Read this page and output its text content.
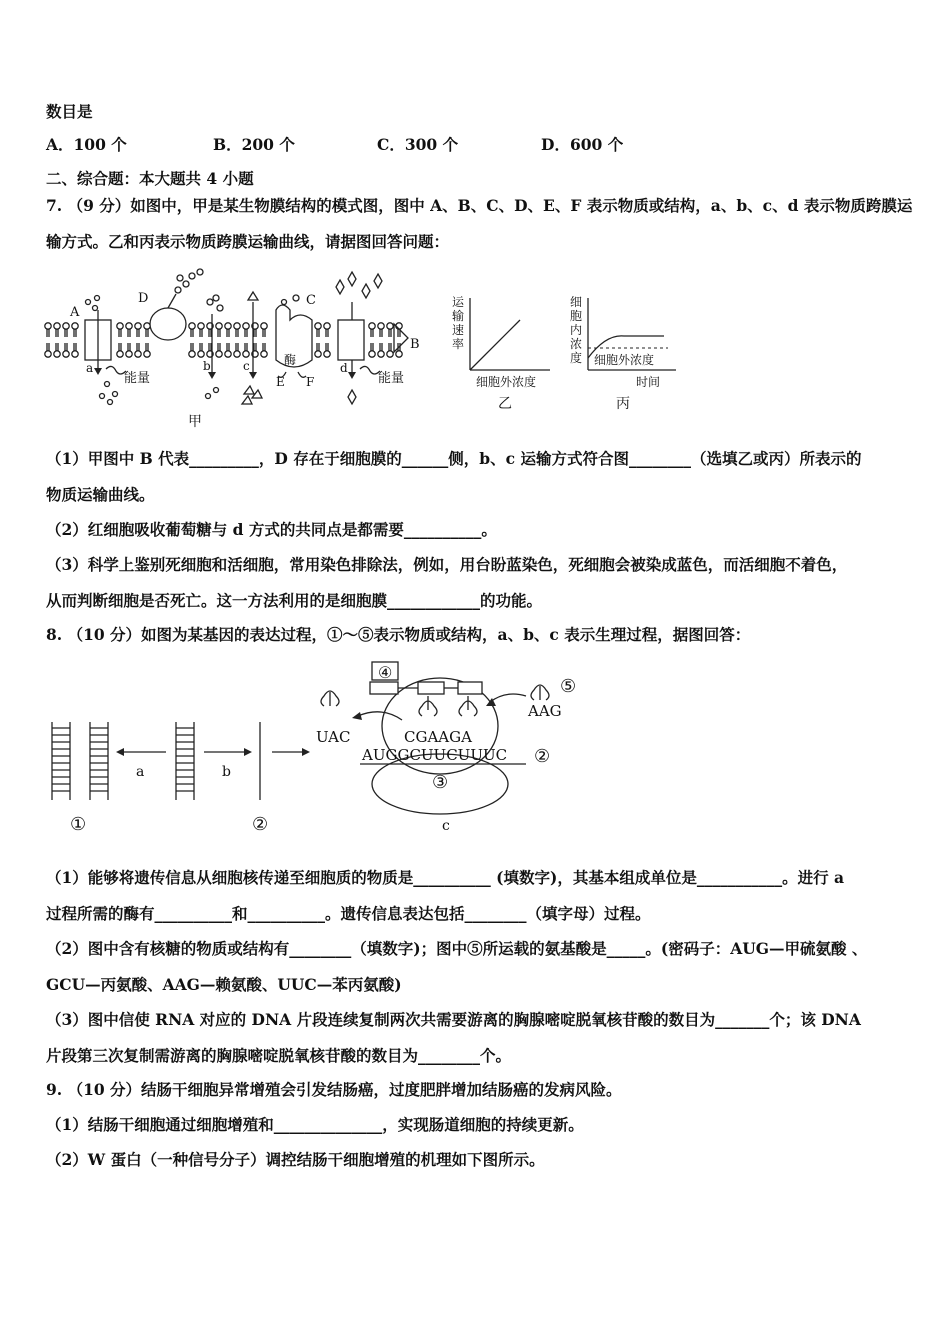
数目是
A．100 个	B．200 个	C．300 个	D．600 个
二、综合题：本大题共 4 小题
7. （9 分）如图中，甲是某生物膜结构的模式图，图中 A、B、C、D、E、F 表示物质或结构，a、b、c、d 表示物质跨膜运
输方式。乙和丙表示物质跨膜运输曲线，请据图回答问题：
A
a
能量
D
b	c	酶
E F
C
d
能量
B
甲
运
输
速
率
细胞外浓度
乙
细
胞
内
浓
度 细胞外浓度
时间
丙
（1）甲图中 B 代表_________，D 存在于细胞膜的______侧，b、c 运输方式符合图________（选填乙或丙）所表示的
物质运输曲线。
（2）红细胞吸收葡萄糖与 d 方式的共同点是都需要__________。
（3）科学上鉴别死细胞和活细胞，常用染色排除法，例如，用台盼蓝染色，死细胞会被染成蓝色，而活细胞不着色，
从而判断细胞是否死亡。这一方法利用的是细胞膜____________的功能。
8. （10 分）如图为某基因的表达过程，①～⑤表示物质或结构，a、b、c 表示生理过程，据图回答：
①
a	b
②
③
c
④
CGAAGA
AUGGCUUCUUUC ②
UAC
⑤
AAG
（1）能够将遗传信息从细胞核传递至细胞质的物质是__________ (填数字)，其基本组成单位是___________。进行 a
过程所需的酶有__________和__________。遗传信息表达包括________（填字母）过程。
（2）图中含有核糖的物质或结构有________（填数字)；图中⑤所运载的氨基酸是_____。(密码子：AUG—甲硫氨酸 、
GCU—丙氨酸、AAG—赖氨酸、UUC—苯丙氨酸)
（3）图中信使 RNA 对应的 DNA 片段连续复制两次共需要游离的胸腺嘧啶脱氧核苷酸的数目为_______个；该 DNA
片段第三次复制需游离的胸腺嘧啶脱氧核苷酸的数目为________个。
9. （10 分）结肠干细胞异常增殖会引发结肠癌，过度肥胖增加结肠癌的发病风险。
（1）结肠干细胞通过细胞增殖和______________，实现肠道细胞的持续更新。
（2）W 蛋白（一种信号分子）调控结肠干细胞增殖的机理如下图所示。
